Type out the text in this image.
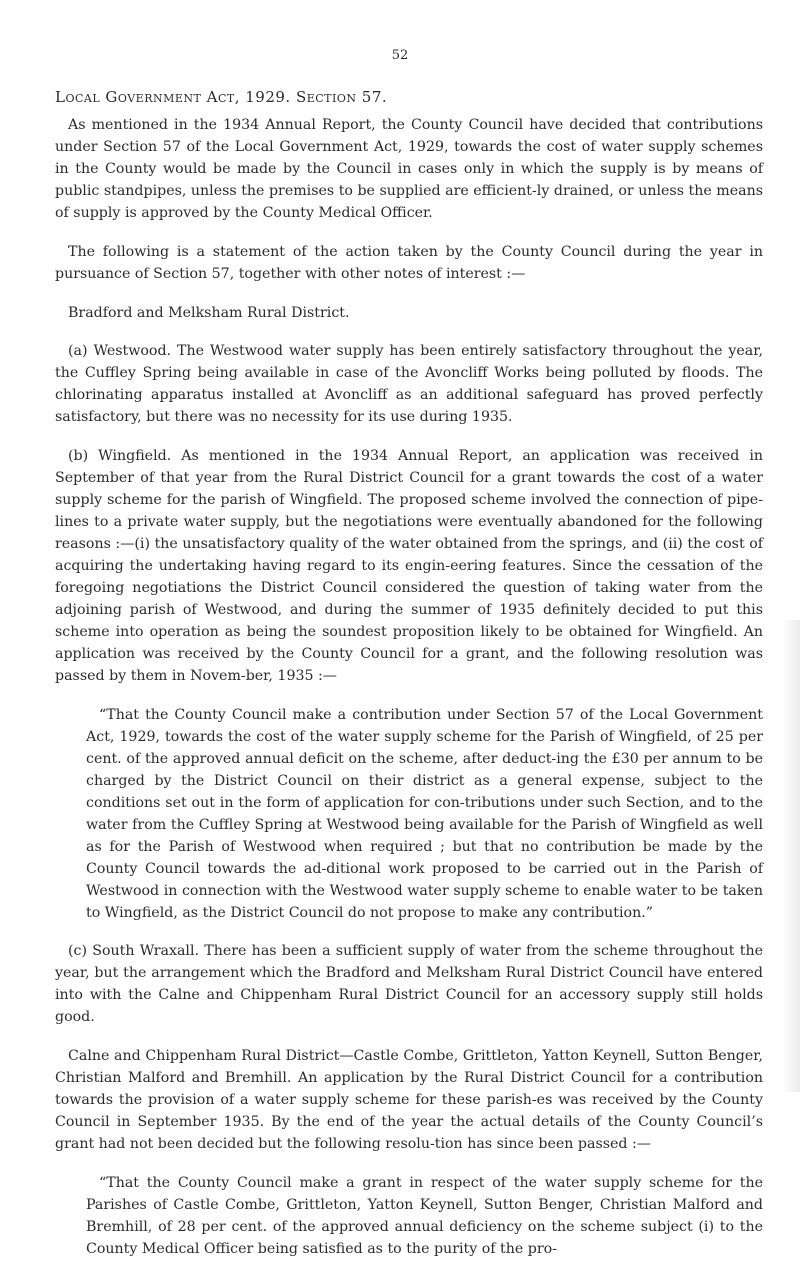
52
Local Government Act, 1929. Section 57.

As mentioned in the 1934 Annual Report, the County Council have decided that contributions under Section 57 of the Local Government Act, 1929, towards the cost of water supply schemes in the County would be made by the Council in cases only in which the supply is by means of public standpipes, unless the premises to be supplied are efficient-ly drained, or unless the means of supply is approved by the County Medical Officer.

The following is a statement of the action taken by the County Council during the year in pursuance of Section 57, together with other notes of interest :—

Bradford and Melksham Rural District.

(a) Westwood. The Westwood water supply has been entirely satisfactory throughout the year, the Cuffley Spring being available in case of the Avoncliff Works being polluted by floods. The chlorinating apparatus installed at Avoncliff as an additional safeguard has proved perfectly satisfactory, but there was no necessity for its use during 1935.

(b) Wingfield. As mentioned in the 1934 Annual Report, an application was received in September of that year from the Rural District Council for a grant towards the cost of a water supply scheme for the parish of Wingfield. The proposed scheme involved the connection of pipe-lines to a private water supply, but the negotiations were eventually abandoned for the following reasons :—(i) the unsatisfactory quality of the water obtained from the springs, and (ii) the cost of acquiring the undertaking having regard to its engin-eering features. Since the cessation of the foregoing negotiations the District Council considered the question of taking water from the adjoining parish of Westwood, and during the summer of 1935 definitely decided to put this scheme into operation as being the soundest proposition likely to be obtained for Wingfield. An application was received by the County Council for a grant, and the following resolution was passed by them in Novem-ber, 1935 :—

“That the County Council make a contribution under Section 57 of the Local Government Act, 1929, towards the cost of the water supply scheme for the Parish of Wingfield, of 25 per cent. of the approved annual deficit on the scheme, after deduct-ing the £30 per annum to be charged by the District Council on their district as a general expense, subject to the conditions set out in the form of application for con-tributions under such Section, and to the water from the Cuffley Spring at Westwood being available for the Parish of Wingfield as well as for the Parish of Westwood when required ; but that no contribution be made by the County Council towards the ad-ditional work proposed to be carried out in the Parish of Westwood in connection with the Westwood water supply scheme to enable water to be taken to Wingfield, as the District Council do not propose to make any contribution.”

(c) South Wraxall. There has been a sufficient supply of water from the scheme throughout the year, but the arrangement which the Bradford and Melksham Rural District Council have entered into with the Calne and Chippenham Rural District Council for an accessory supply still holds good.

Calne and Chippenham Rural District—Castle Combe, Grittleton, Yatton Keynell, Sutton Benger, Christian Malford and Bremhill. An application by the Rural District Council for a contribution towards the provision of a water supply scheme for these parish-es was received by the County Council in September 1935. By the end of the year the actual details of the County Council’s grant had not been decided but the following resolu-tion has since been passed :—

“That the County Council make a grant in respect of the water supply scheme for the Parishes of Castle Combe, Grittleton, Yatton Keynell, Sutton Benger, Christian Malford and Bremhill, of 28 per cent. of the approved annual deficiency on the scheme subject (i) to the County Medical Officer being satisfied as to the purity of the pro-
